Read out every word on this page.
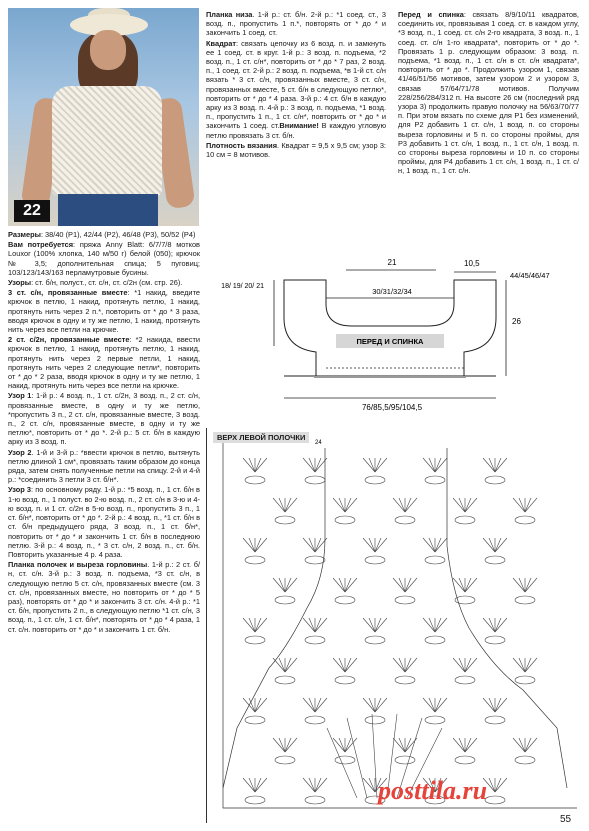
22

Размеры: 38/40 (Р1), 42/44 (Р2), 46/48 (Р3), 50/52 (Р4)

Вам потребуется: пряжа Anny Blatt: 6/7/7/8 мотков Louxor (100% хлопка, 140 м/50 г) белой (050); крючок № 3,5; дополнительная спица; 5 пуговиц; 103/123/143/163 перламутровые бусины.

Узоры: ст. б/н, полуст., ст. с/н, ст. с/2н (см. стр. 26).

3 ст. с/н, провязанные вместе: *1 накид, введите крючок в петлю, 1 накид, протянуть петлю, 1 накид, протянуть нить через 2 п.*, повторить от * до * 3 раза, вводя крючок в одну и ту же петлю, 1 накид, протянуть нить через все петли на крючке.

2 ст. с/2н, провязанные вместе: *2 накида, ввести крючок в петлю, 1 накид, протянуть петлю, 1 накид, протянуть нить через 2 первые петли, 1 накид, протянуть нить через 2 следующие петли*, повторить от * до * 2 раза, вводя крючок в одну и ту же петлю, 1 накид, протянуть нить через все петли на крючке.

Узор 1: 1-й р.: 4 возд. п., 1 ст. с/2н, 3 возд. п., 2 ст. с/н, провязанные вместе, в одну и ту же петлю, *пропустить 3 п., 2 ст. с/н, провязанные вместе, 3 возд. п., 2 ст. с/н, провязанные вместе, в одну и ту же петлю*, повторить от * до *. 2-й р.: 5 ст. б/н в каждую арку из 3 возд. п.

Узор 2. 1-й и 3-й р.: *ввести крючок в петлю, вытянуть петлю длиной 1 см*, провязать таким образом до конца ряда, затем снять полученные петли на спицу. 2-й и 4-й р.: *соединить 3 петли 3 ст. б/н*.

Узор 3: по основному ряду. 1-й р.: *5 возд. п., 1 ст. б/н в 1-ю возд. п., 1 полуст. во 2-ю возд. п., 2 ст. с/н в 3-ю и 4-ю возд. п. и 1 ст. с/2н в 5-ю возд. п., пропустить 3 п., 1 ст. б/н*, повторить от * до *. 2-й р.: 4 возд. п., *1 ст. б/н в ст. б/н предыдущего ряда, 3 возд. п., 1 ст. б/н*, повторить от * до * и закончить 1 ст. б/н в последнюю петлю. 3-й р.: 4 возд. п., * 3 ст. с/н, 2 возд. п., ст. б/н. Повторить указанные 4 р. 4 раза.

Планка полочек и выреза горловины. 1-й р.: 2 ст. б/н, ст. с/н. 3-й р.: 3 возд. п. подъема, *3 ст. с/н, в следующую петлю 5 ст. с/н, провязанных вместе (см. 3 ст. с/н, провязанных вместе, но повторить от * до * 5 раз), повторять от * до * и закончить 3 ст. с/н. 4-й р.: *1 ст. б/н, пропустить 2 п., в следующую петлю *1 ст. с/н, 3 возд. п., 1 ст. с/н, 1 ст. б/н*, повторять от * до * 4 раза, 1 ст. с/н. повторить от * до * и закончить 1 ст. б/н.

Планка низа. 1-й р.: ст. б/н. 2-й р.: *1 соед. ст., 3 возд. п., пропустить 1 п.*, повторять от * до * и закончить 1 соед. ст.

Квадрат: связать цепочку из 6 возд. п. и замкнуть ее 1 соед. ст. в круг. 1-й р.: 3 возд. п. подъема, *2 возд. п., 1 ст. с/н*, повторить от * до * 7 раз, 2 возд. п., 1 соед. ст. 2-й р.: 2 возд. п. подъема, *в 1-й ст. с/н вязать * 3 ст. с/н, провязанных вместе, 3 ст. с/н, провязанных вместе, 5 ст. б/н в следующую петлю*, повторить от * до * 4 раза. 3-й р.: 4 ст. б/н в каждую арку из 3 возд. п. 4-й р.: 3 возд. п. подъема, *1 возд. п., пропустить 1 п., 1 ст. с/н*, повторить от * до * и закончить 1 соед. ст.Внимание! В каждую угловую петлю провязать 3 ст. б/н.

Плотность вязания. Квадрат = 9,5 х 9,5 см; узор 3: 10 см = 8 мотивов.

Перед и спинка: связать 8/9/10/11 квадратов, соединить их, провязывая 1 соед. ст. в каждом углу, *3 возд. п., 1 соед. ст. с/н 2-го квадрата, 3 возд. п., 1 соед. ст. с/н 1-го квадрата*, повторить от * до *. Провязать 1 р. следующим образом: 3 возд. п. подъема, *1 возд. п., 1 ст. с/н в ст. с/н квадрата*, повторить от * до *. Продолжить узором 1, связав 41/46/51/56 мотивов, затем узором 2 и узором 3, связав 57/64/71/78 мотивов. Получим 228/256/284/312 п. На высоте 26 см (последний ряд узора 3) продолжить правую полочку на 56/63/70/77 п. При этом вязать по схеме для Р1 без изменений, для Р2 добавить 1 ст. с/н, 1 возд. п. со стороны выреза горловины и 5 п. со стороны проймы, для Р3 добавить 1 ст. с/н, 1 возд. п., 1 ст. с/н, 1 возд. п. со стороны выреза горловины и 10 п. со стороны проймы, для Р4 добавить 1 ст. с/н, 1 возд. п., 1 ст. с/н, 1 возд. п., 1 ст. с/н.

21	10,5
30/31/32/34
18/ 19/ 20/ 21
44/45/46/47
26
76/85,5/95/104,5
ПЕРЕД И СПИНКА
ВЕРХ ЛЕВОЙ ПОЛОЧКИ
24
posttila.ru
55
